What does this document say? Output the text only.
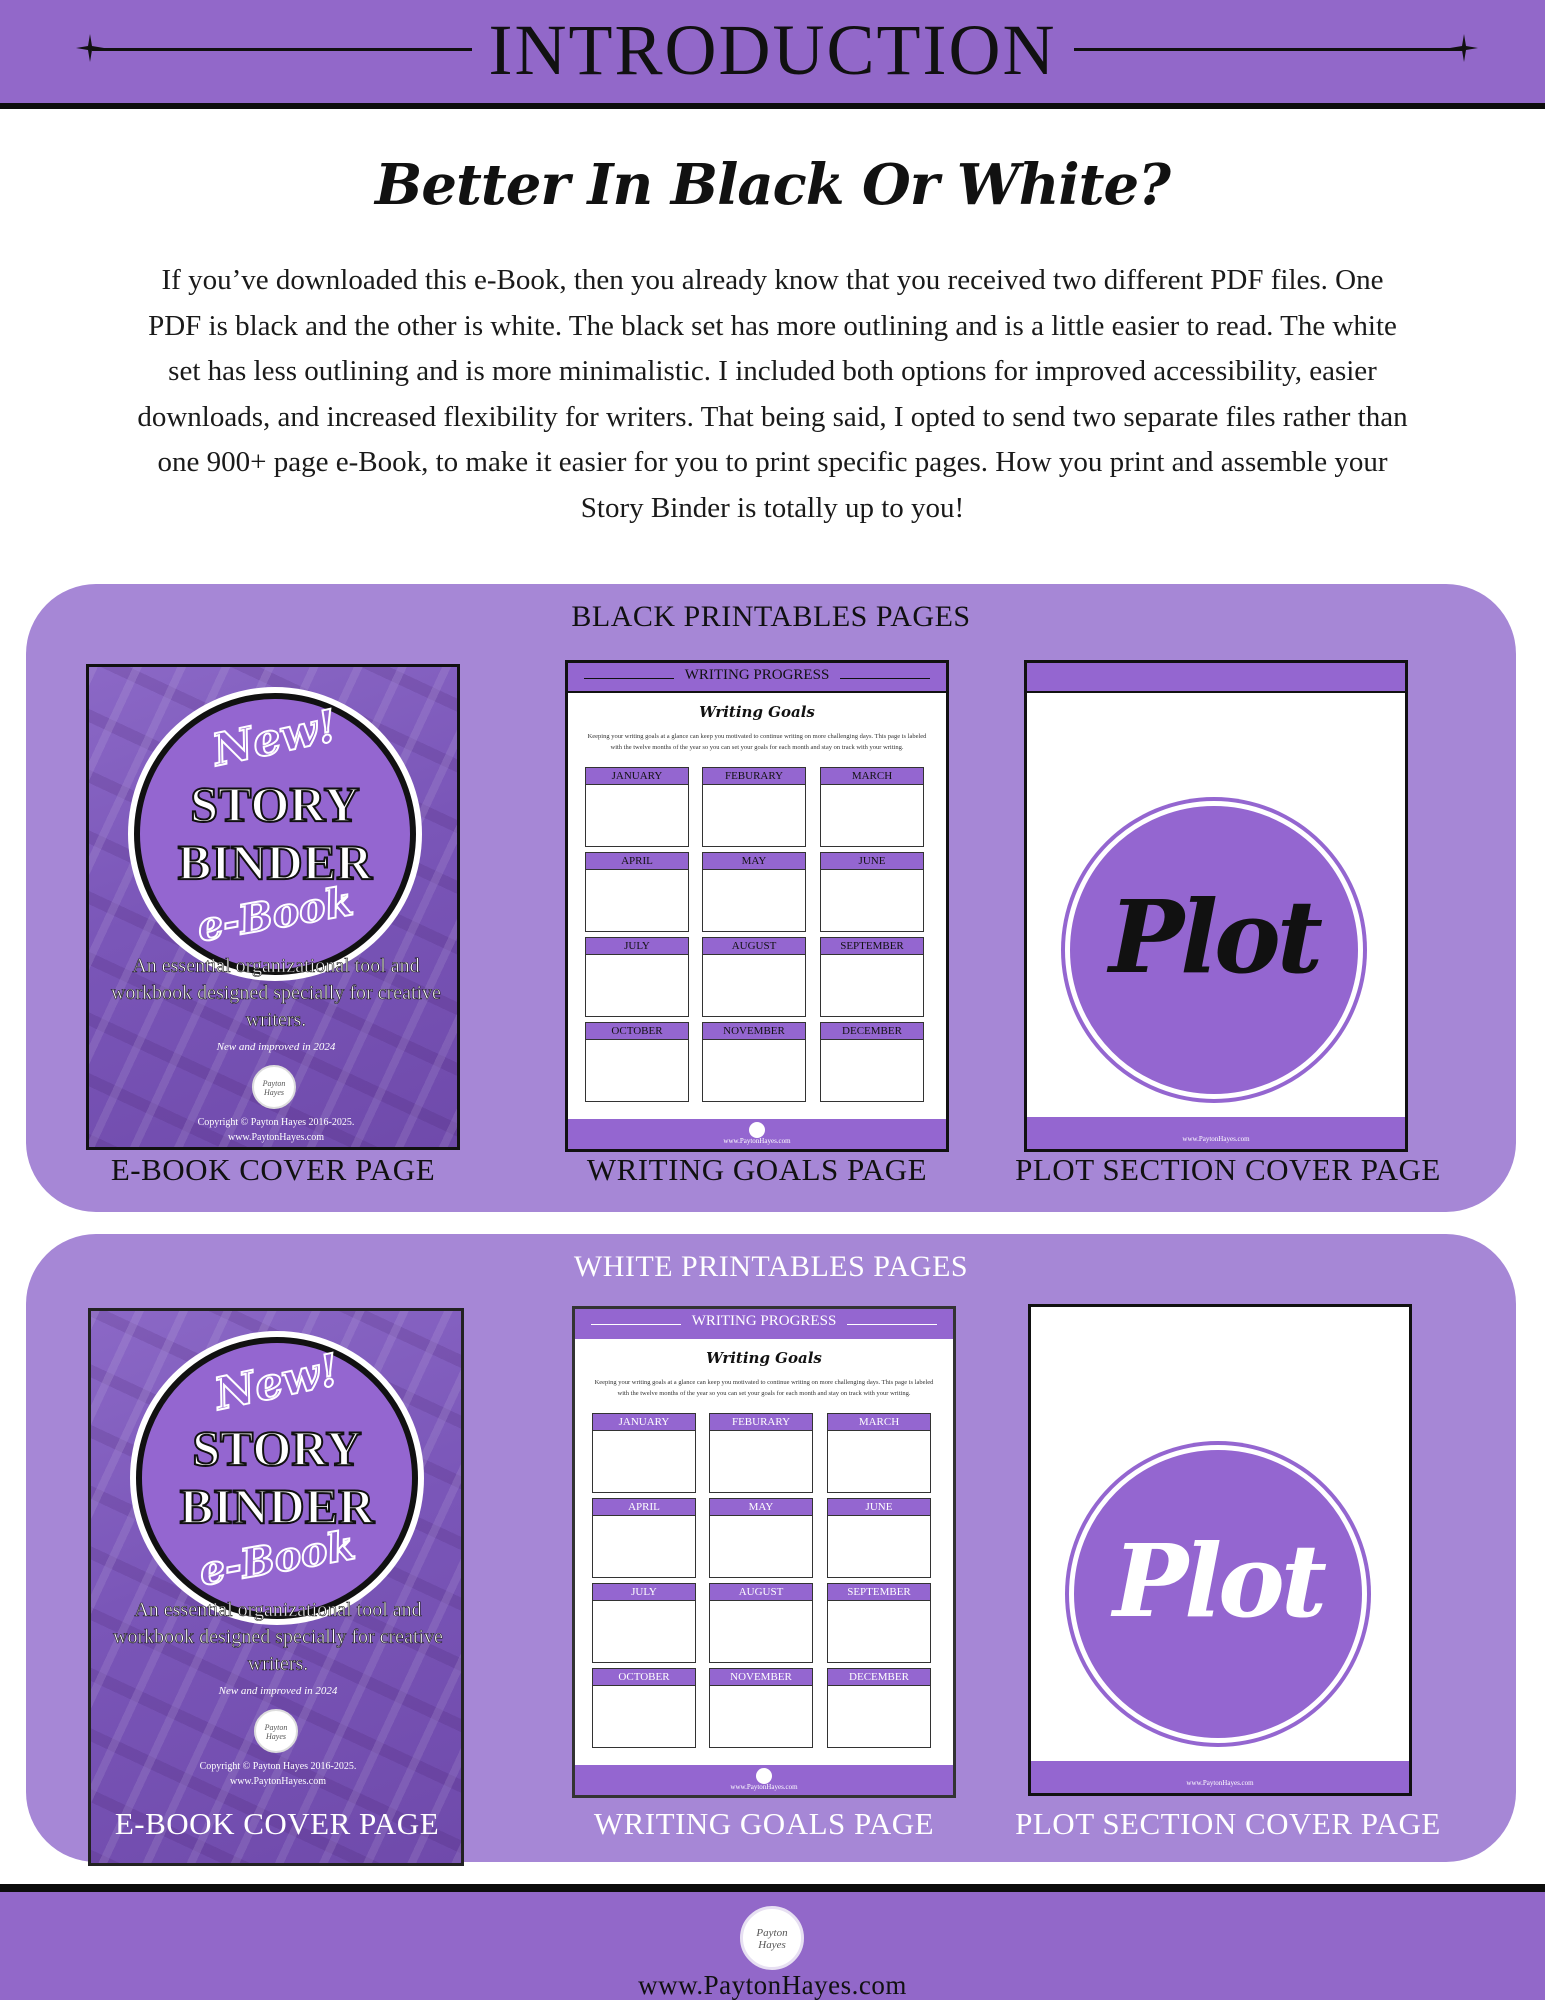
INTRODUCTION
Better In Black Or White?
If you’ve downloaded this e-Book, then you already know that you received two different PDF files. One
PDF is black and the other is white. The black set has more outlining and is a little easier to read. The white
set has less outlining and is more minimalistic. I included both options for improved accessibility, easier
downloads, and increased flexibility for writers. That being said, I opted to send two separate files rather than
one 900+ page e-Book, to make it easier for you to print specific pages. How you print and assemble your
Story Binder is totally up to you!
BLACK PRINTABLES PAGES
New!
STORY
BINDER
e-Book
An essential organizational tool and workbook designed specially for creative writers.
New and improved in 2024
Payton Hayes
Copyright © Payton Hayes 2016-2025.
www.PaytonHayes.com
E-BOOK COVER PAGE
WRITING PROGRESS
Writing Goals
Keeping your writing goals at a glance can keep you motivated to continue writing on more challenging days. This page is labeled with the twelve months of the year so you can set your goals for each month and stay on track with your writing.
JANUARY	FEBURARY	MARCH
APRIL	MAY	JUNE
JULY	AUGUST	SEPTEMBER
OCTOBER	NOVEMBER	DECEMBER
www.PaytonHayes.com
WRITING GOALS PAGE
Plot
www.PaytonHayes.com
PLOT SECTION COVER PAGE
WHITE PRINTABLES PAGES
New!
STORY
BINDER
e-Book
An essential organizational tool and workbook designed specially for creative writers.
New and improved in 2024
Payton Hayes
Copyright © Payton Hayes 2016-2025.
www.PaytonHayes.com
E-BOOK COVER PAGE
WRITING PROGRESS
Writing Goals
Keeping your writing goals at a glance can keep you motivated to continue writing on more challenging days. This page is labeled with the twelve months of the year so you can set your goals for each month and stay on track with your writing.
JANUARY	FEBURARY	MARCH
APRIL	MAY	JUNE
JULY	AUGUST	SEPTEMBER
OCTOBER	NOVEMBER	DECEMBER
www.PaytonHayes.com
WRITING GOALS PAGE
Plot
www.PaytonHayes.com
PLOT SECTION COVER PAGE
Payton Hayes
www.PaytonHayes.com
